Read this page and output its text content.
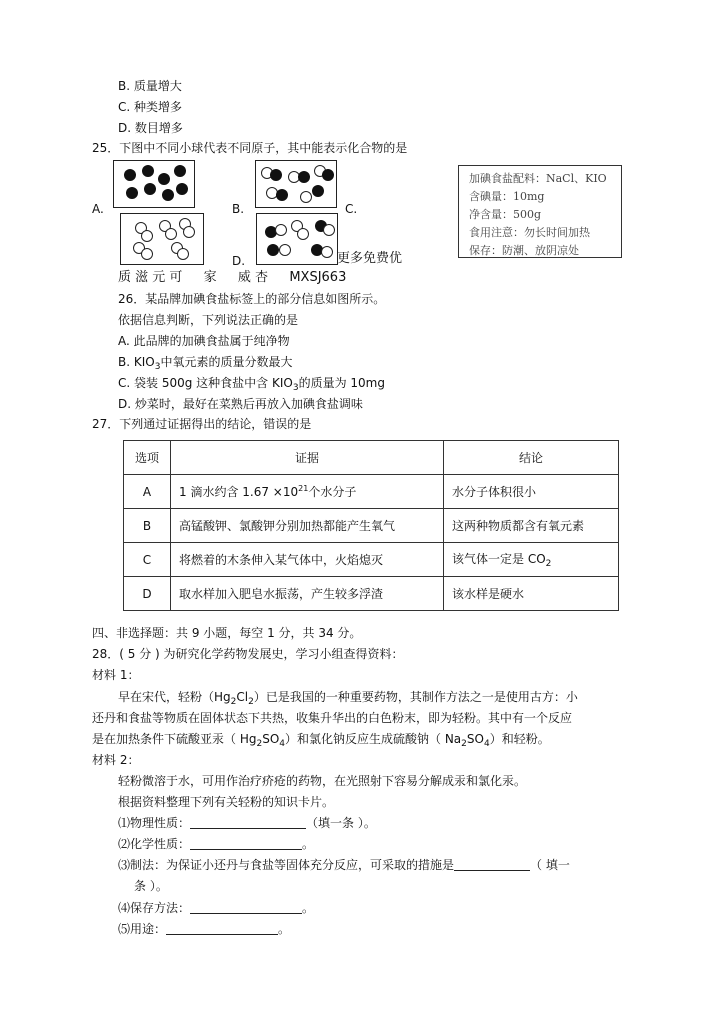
B. 质量增大
C. 种类增多
D. 数目增多
25．下图中不同小球代表不同原子，其中能表示化合物的是
A.	B.	C.
D.	更多免费优
质 滋 元 可 　 家 　 威 杏 　 MXSJ663
加碘食盐配料：NaCl、KIO
含碘量：10mg
净含量：500g
食用注意：勿长时间加热
保存：防潮、放阴凉处
26．某品牌加碘食盐标签上的部分信息如图所示。
依据信息判断，下列说法正确的是
A. 此品牌的加碘食盐属于纯净物
B. $KIO_3$中氧元素的质量分数最大
C. 袋装 500g 这种食盐中含 $KIO_3$的质量为 10mg
D. 炒菜时，最好在菜熟后再放入加碘食盐调味
27．下列通过证据得出的结论，错误的是
选项	证据	结论
A	1 滴水约含 $1.67 \times 10^{21}$个水分子	水分子体积很小
B	高锰酸钾、氯酸钾分别加热都能产生氧气	这两种物质都含有氧元素
C	将燃着的木条伸入某气体中，火焰熄灭	该气体一定是 $CO_2$
D	取水样加入肥皂水振荡，产生较多浮渣	该水样是硬水
四、非选择题：共 9 小题，每空 1 分，共 34 分。
28．( 5 分 ) 为研究化学药物发展史，学习小组查得资料：
材料 1：
早在宋代，轻粉$(Hg_2Cl_2)$已是我国的一种重要药物，其制作方法之一是使用古方：小
还丹和食盐等物质在固体状态下共热，收集升华出的白色粉末，即为轻粉。其中有一个反应
是在加热条件下硫酸亚汞（ $Hg_2SO_4$）和氯化钠反应生成硫酸钠（ $Na_2SO_4$）和轻粉。
材料 2：
轻粉微溶于水，可用作治疗疥疮的药物，在光照射下容易分解成汞和氯化汞。
根据资料整理下列有关轻粉的知识卡片。
⑴物理性质：	（填一条 ）。
⑵化学性质：	。
⑶制法：为保证小还丹与食盐等固体充分反应，可采取的措施是	（ 填一
条 ）。
⑷保存方法：	。
⑸用途：	。
